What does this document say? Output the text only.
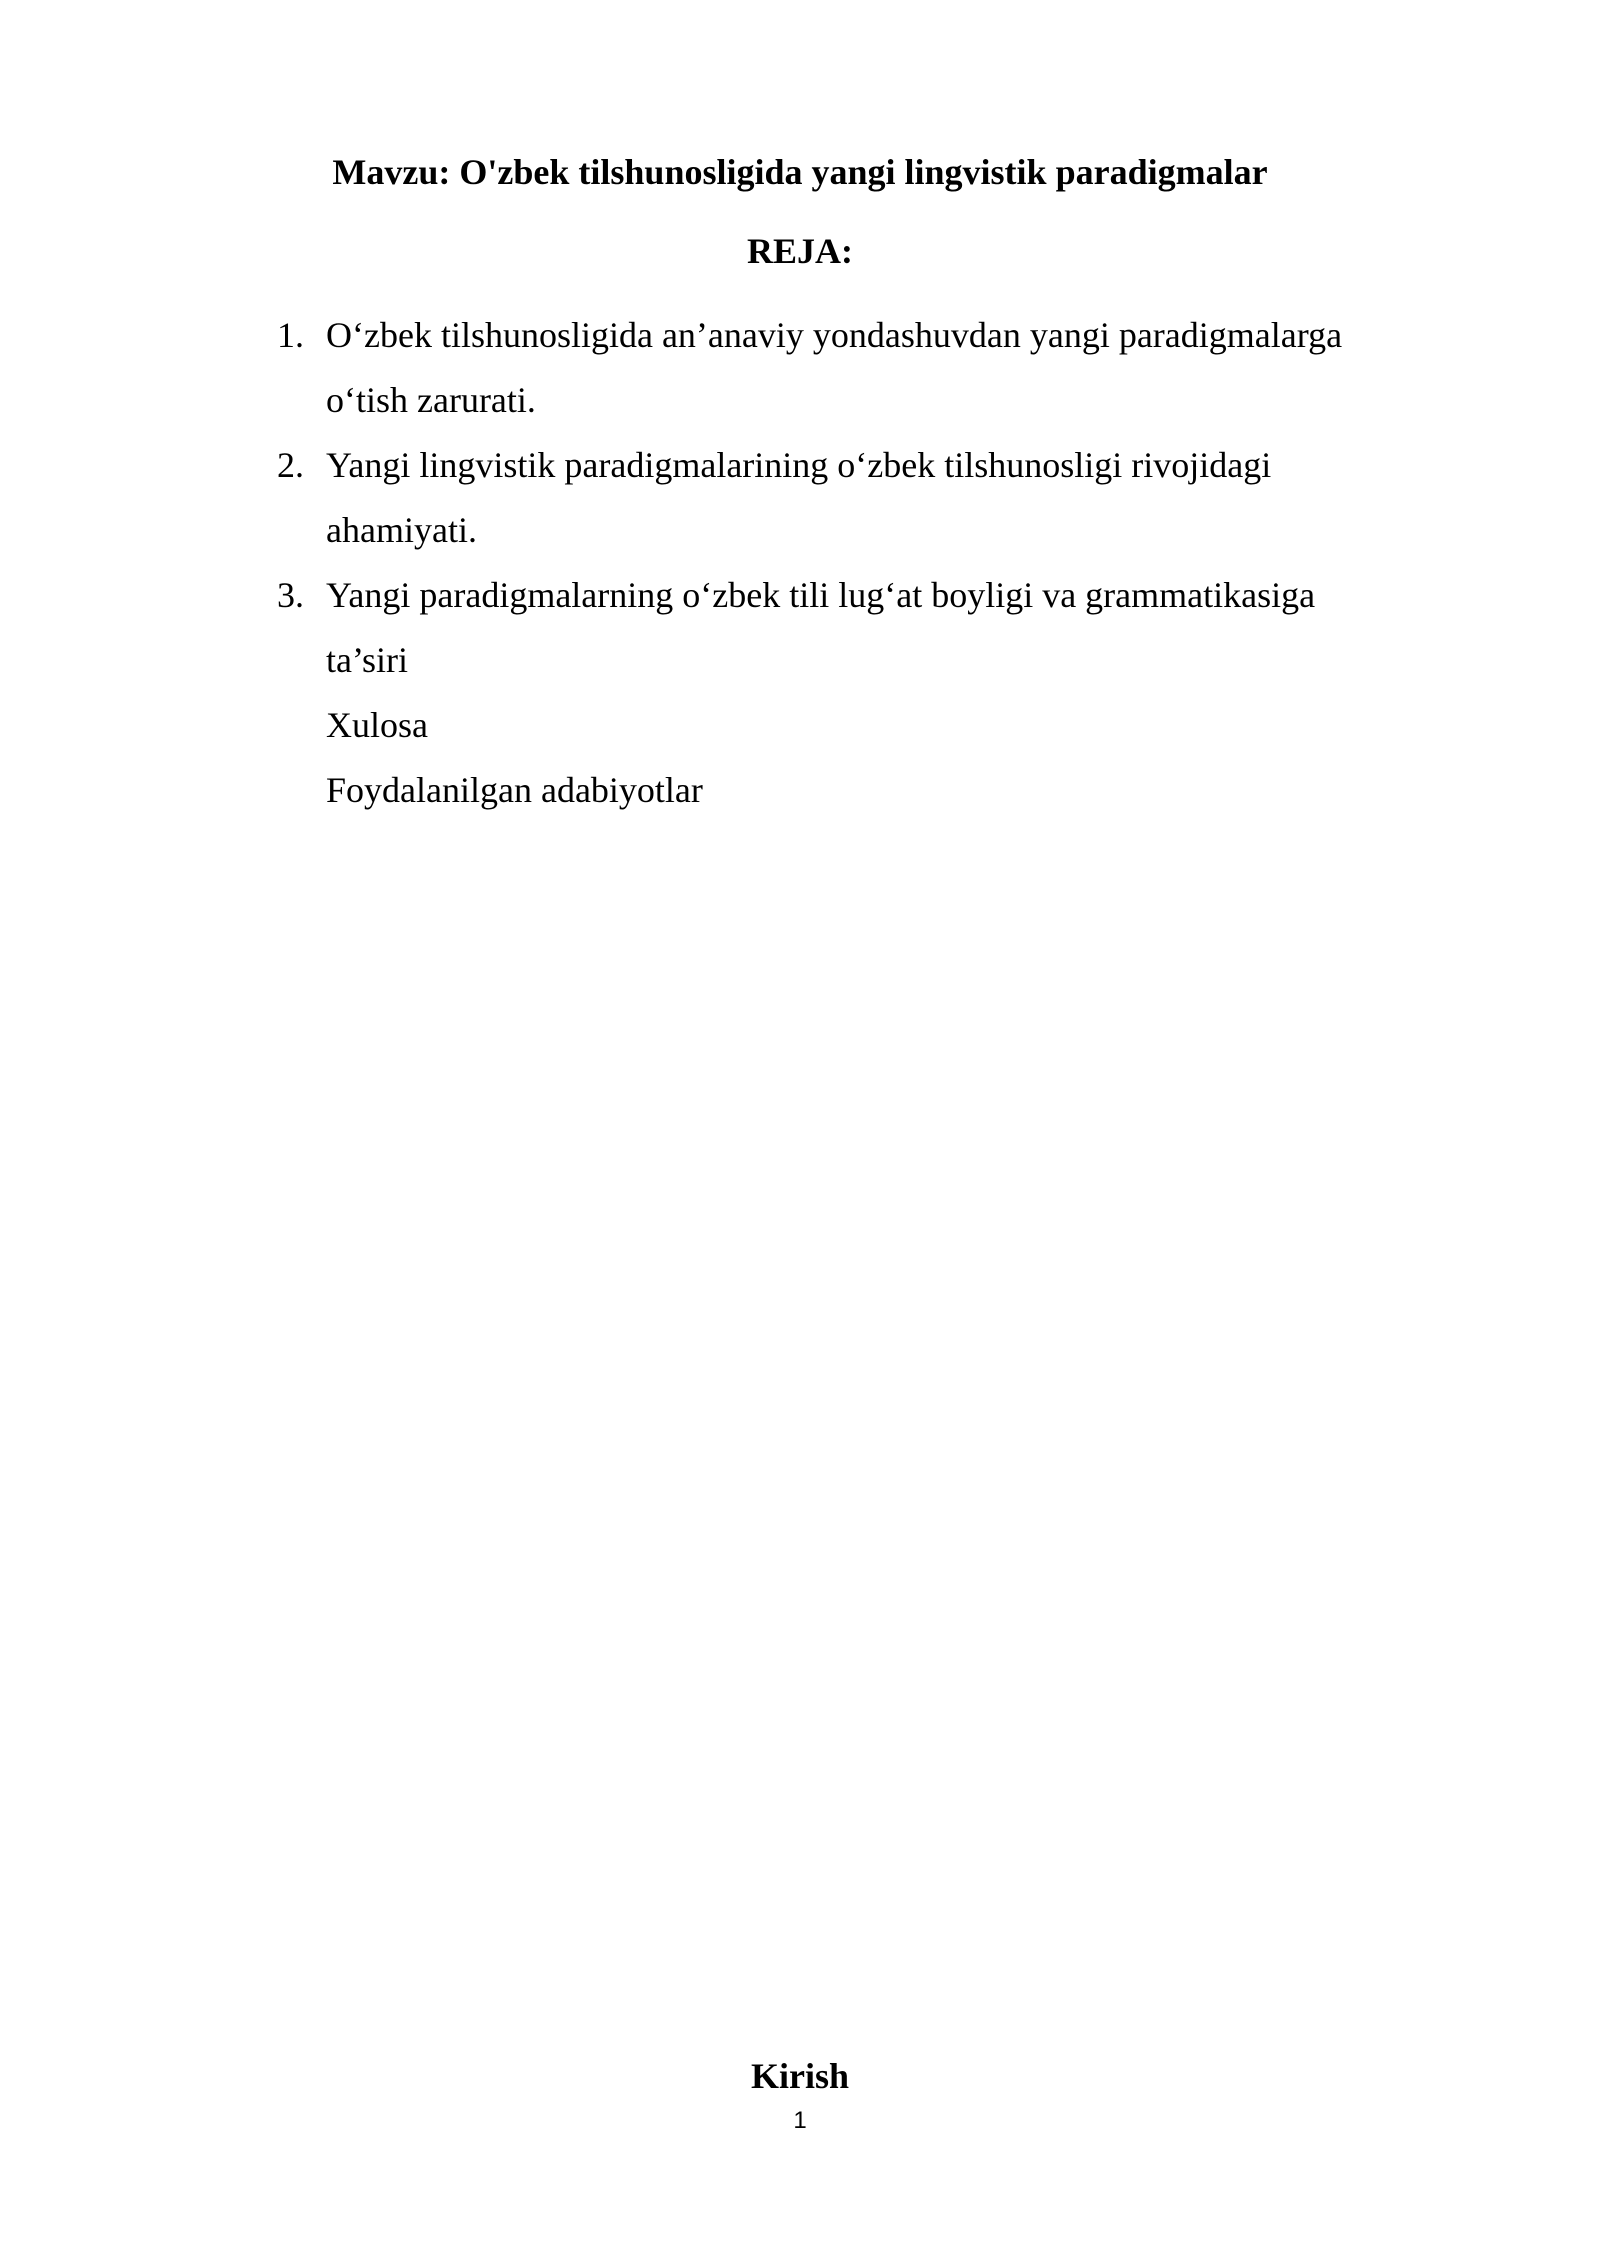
Mavzu: O'zbek tilshunosligida yangi lingvistik paradigmalar
REJA:
1. O‘zbek tilshunosligida an’anaviy yondashuvdan yangi paradigmalarga
o‘tish zarurati.
2. Yangi lingvistik paradigmalarining o‘zbek tilshunosligi rivojidagi
ahamiyati.
3. Yangi paradigmalarning o‘zbek tili lug‘at boyligi va grammatikasiga
ta’siri
Xulosa
Foydalanilgan adabiyotlar
Kirish
1
